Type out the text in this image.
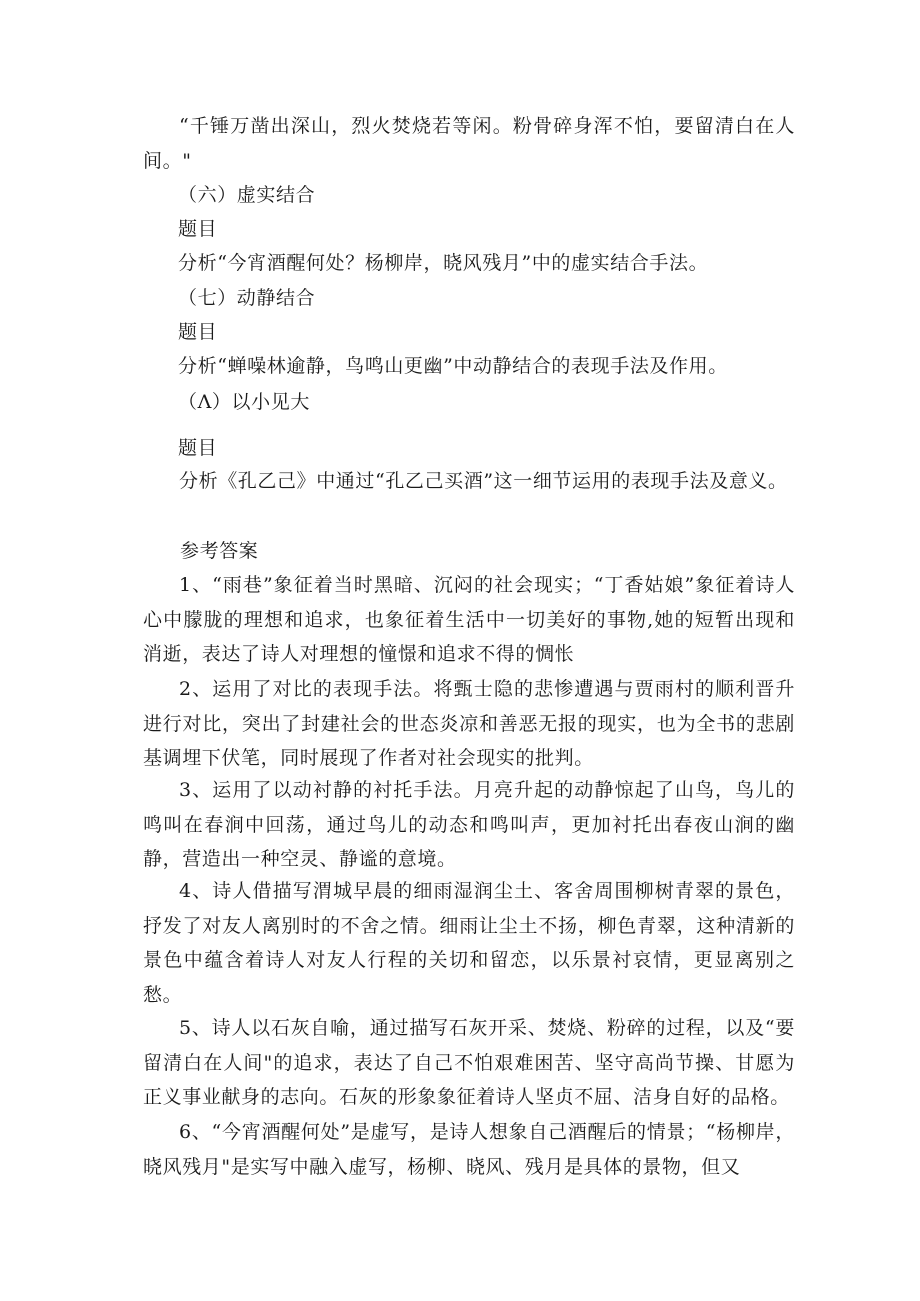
“千锤万凿出深山，烈火焚烧若等闲。粉骨碎身浑不怕，要留清白在人间。"

（六）虚实结合

题目

分析“今宵酒醒何处？杨柳岸，晓风残月”中的虚实结合手法。

（七）动静结合

题目

分析“蝉噪林逾静，鸟鸣山更幽”中动静结合的表现手法及作用。

（Λ）以小见大

题目

分析《孔乙己》中通过“孔乙己买酒”这一细节运用的表现手法及意义。

参考答案

1、“雨巷”象征着当时黑暗、沉闷的社会现实；“丁香姑娘”象征着诗人心中朦胧的理想和追求，也象征着生活中一切美好的事物,她的短暂出现和消逝，表达了诗人对理想的憧憬和追求不得的惆怅

2、运用了对比的表现手法。将甄士隐的悲惨遭遇与贾雨村的顺利晋升进行对比，突出了封建社会的世态炎凉和善恶无报的现实，也为全书的悲剧基调埋下伏笔，同时展现了作者对社会现实的批判。

3、运用了以动衬静的衬托手法。月亮升起的动静惊起了山鸟，鸟儿的鸣叫在春涧中回荡，通过鸟儿的动态和鸣叫声，更加衬托出春夜山涧的幽静，营造出一种空灵、静谧的意境。

4、诗人借描写渭城早晨的细雨湿润尘土、客舍周围柳树青翠的景色，抒发了对友人离别时的不舍之情。细雨让尘土不扬，柳色青翠，这种清新的景色中蕴含着诗人对友人行程的关切和留恋，以乐景衬哀情，更显离别之愁。

5、诗人以石灰自喻，通过描写石灰开采、焚烧、粉碎的过程，以及“要留清白在人间"的追求，表达了自己不怕艰难困苦、坚守高尚节操、甘愿为正义事业献身的志向。石灰的形象象征着诗人坚贞不屈、洁身自好的品格。

6、“今宵酒醒何处”是虚写，是诗人想象自己酒醒后的情景；“杨柳岸，晓风残月"是实写中融入虚写，杨柳、晓风、残月是具体的景物，但又
